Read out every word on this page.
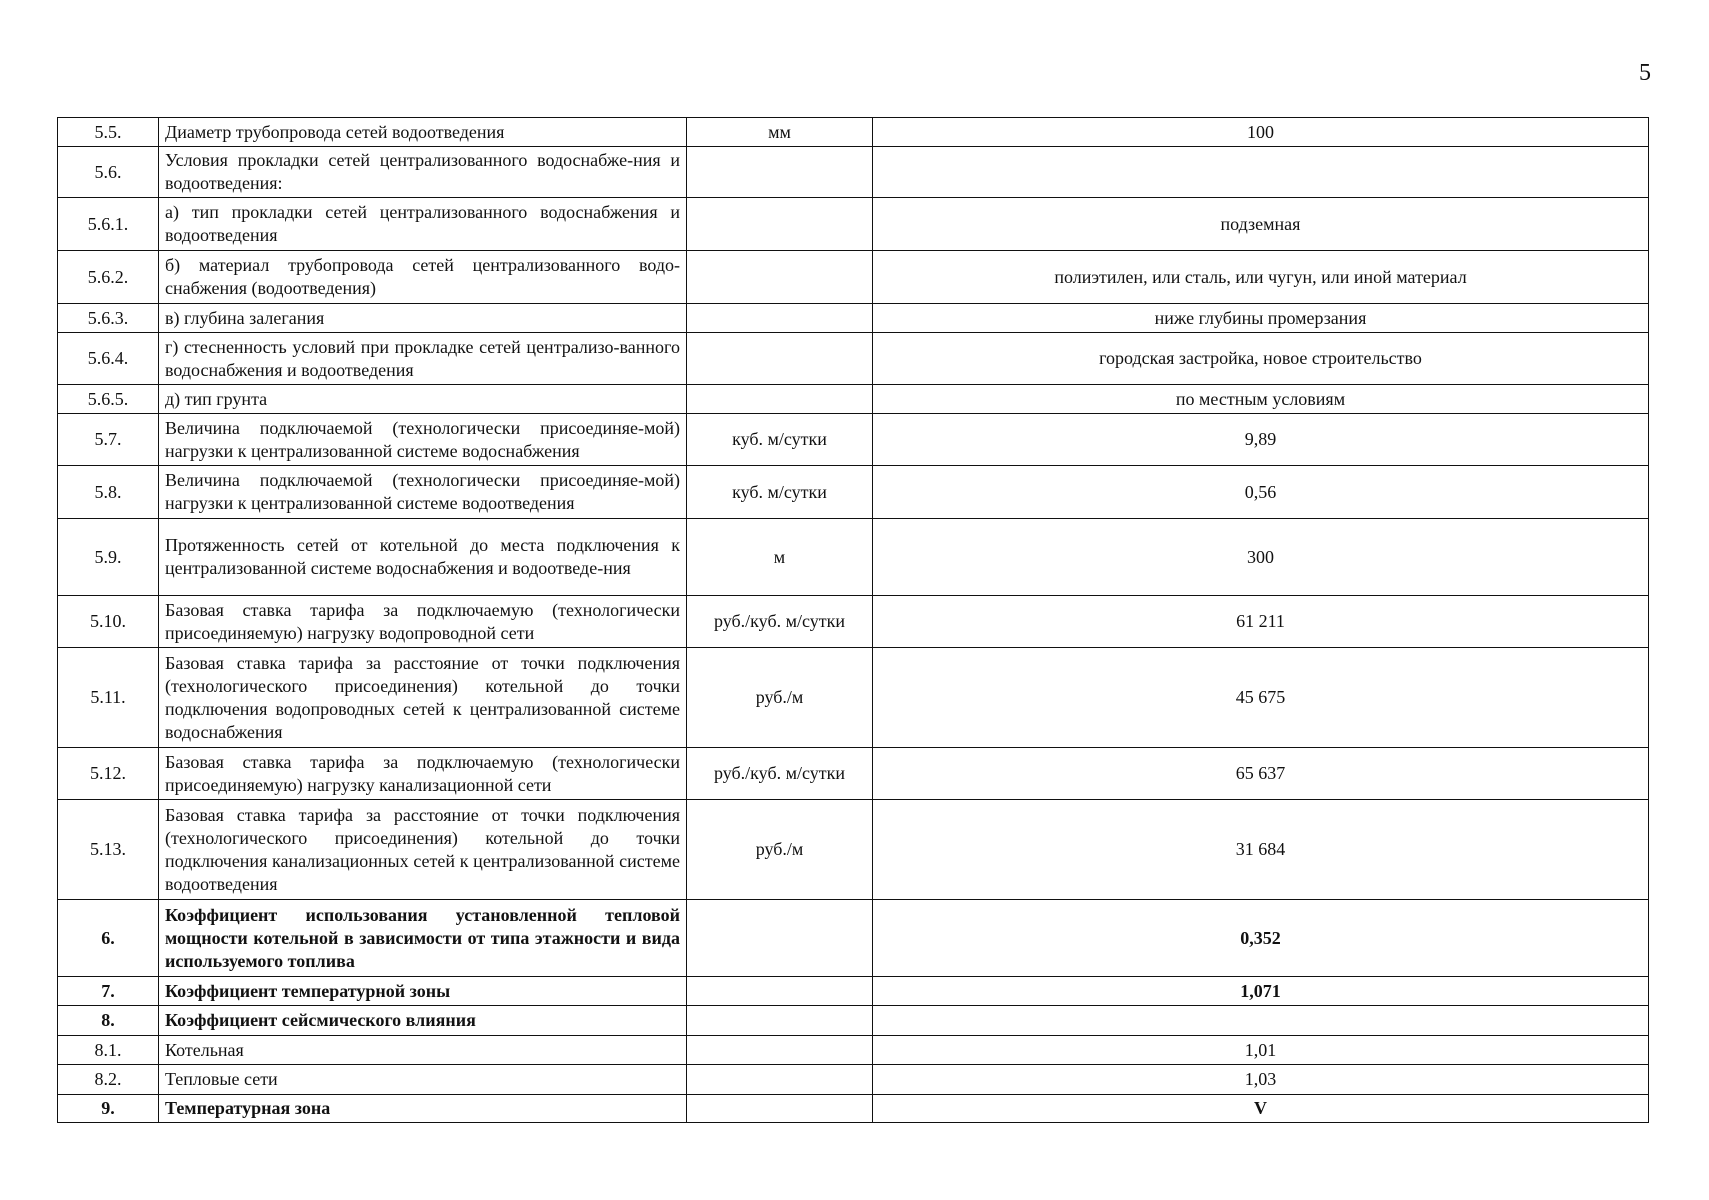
5
5.5.	Диаметр трубопровода сетей водоотведения	мм	100
5.6.	Условия прокладки сетей централизованного водоснабже-ния и водоотведения:		
5.6.1.	а) тип прокладки сетей централизованного водоснабжения и водоотведения		подземная
5.6.2.	б) материал трубопровода сетей централизованного водо-снабжения (водоотведения)		полиэтилен, или сталь, или чугун, или иной материал
5.6.3.	в) глубина залегания		ниже глубины промерзания
5.6.4.	г) стесненность условий при прокладке сетей централизо-ванного водоснабжения и водоотведения		городская застройка, новое строительство
5.6.5.	д) тип грунта		по местным условиям
5.7.	Величина подключаемой (технологически присоединяе-мой) нагрузки к централизованной системе водоснабжения	куб. м/сутки	9,89
5.8.	Величина подключаемой (технологически присоединяе-мой) нагрузки к централизованной системе водоотведения	куб. м/сутки	0,56
5.9.	Протяженность сетей от котельной до места подключения к централизованной системе водоснабжения и водоотведе-ния	м	300
5.10.	Базовая ставка тарифа за подключаемую (технологически присоединяемую) нагрузку водопроводной сети	руб./куб. м/сутки	61 211
5.11.	Базовая ставка тарифа за расстояние от точки подключения (технологического присоединения) котельной до точки подключения водопроводных сетей к централизованной системе водоснабжения	руб./м	45 675
5.12.	Базовая ставка тарифа за подключаемую (технологически присоединяемую) нагрузку канализационной сети	руб./куб. м/сутки	65 637
5.13.	Базовая ставка тарифа за расстояние от точки подключения (технологического присоединения) котельной до точки подключения канализационных сетей к централизованной системе водоотведения	руб./м	31 684
6.	Коэффициент использования установленной тепловой мощности котельной в зависимости от типа этажности и вида используемого топлива		0,352
7.	Коэффициент температурной зоны		1,071
8.	Коэффициент сейсмического влияния		
8.1.	Котельная		1,01
8.2.	Тепловые сети		1,03
9.	Температурная зона		V
